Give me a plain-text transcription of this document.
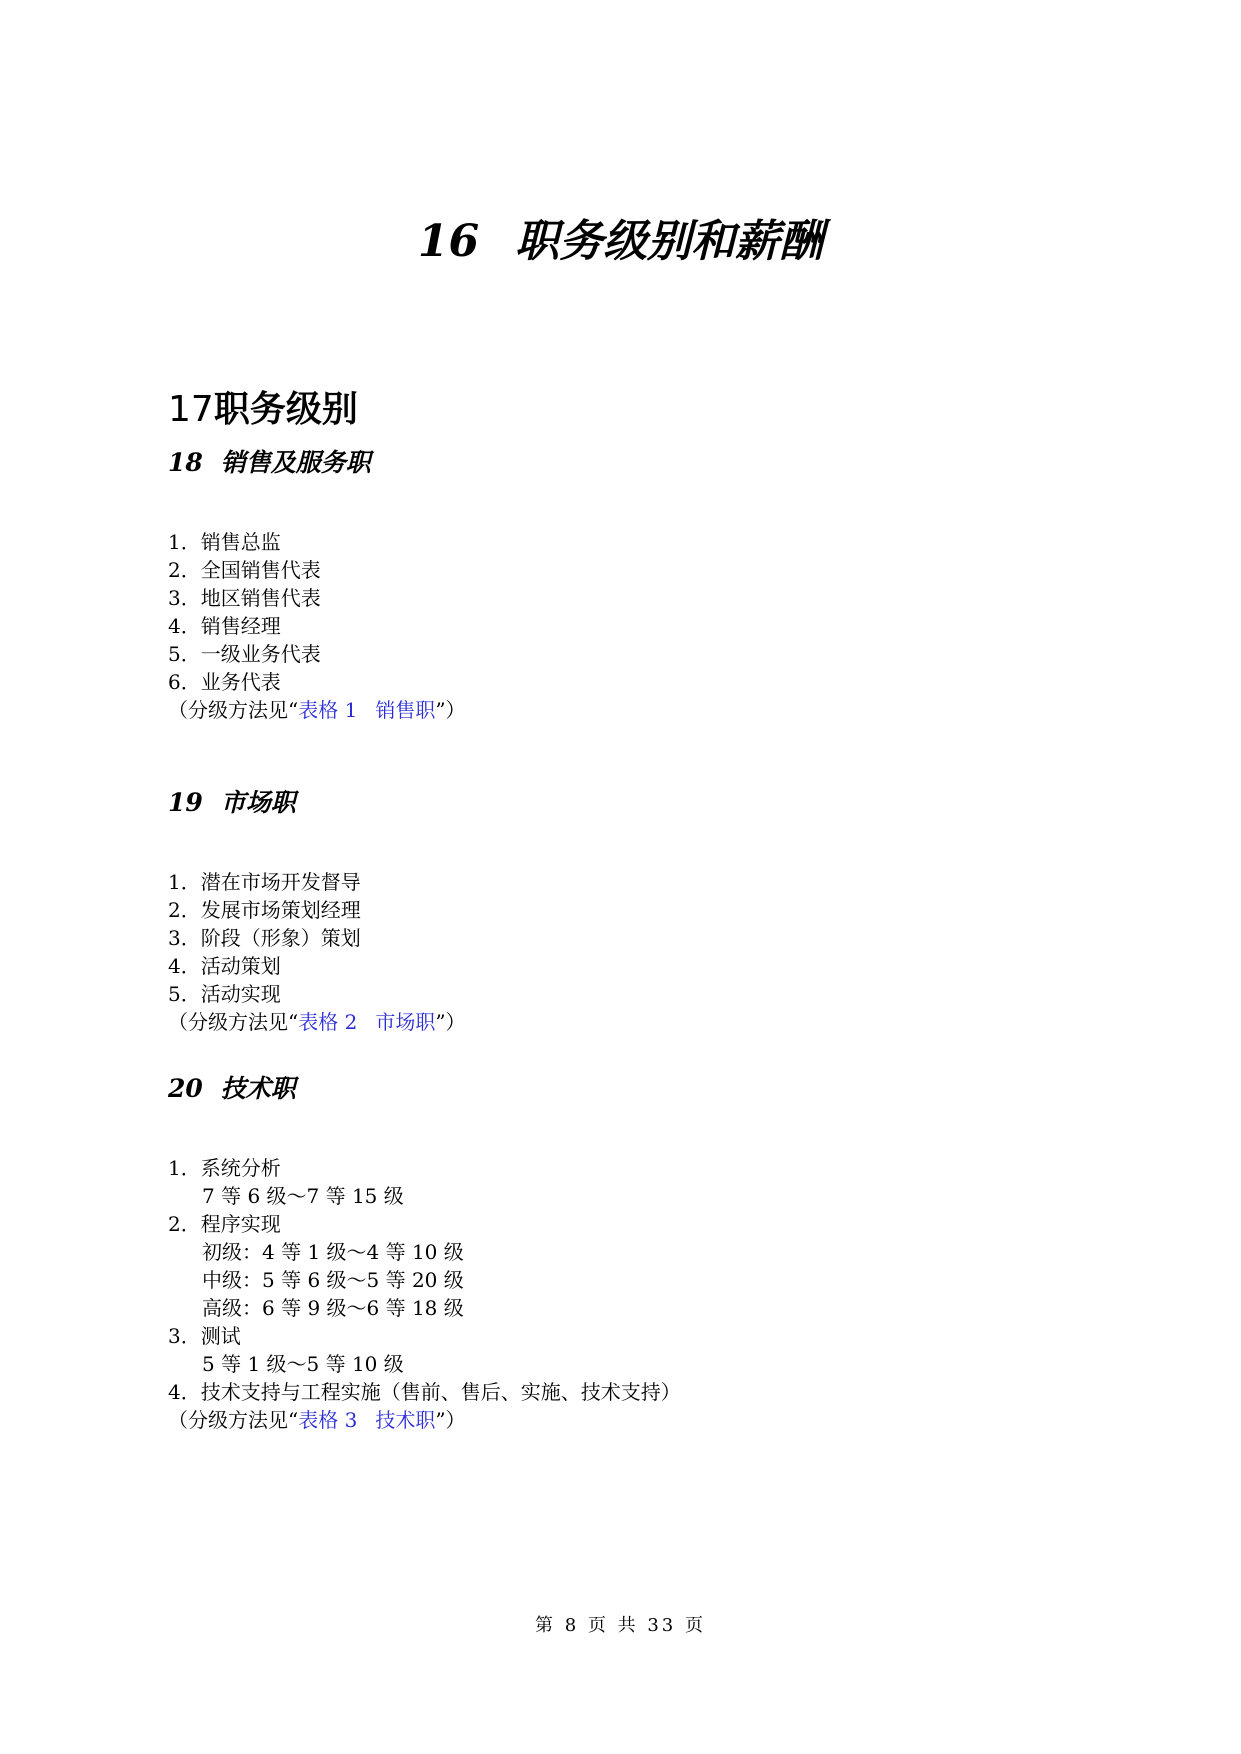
16 职务级别和薪酬
17职务级别
18 销售及服务职
1．销售总监
2．全国销售代表
3．地区销售代表
4．销售经理
5．一级业务代表
6．业务代表
（分级方法见“表格 1 销售职”）
19 市场职
1．潜在市场开发督导
2．发展市场策划经理
3．阶段（形象）策划
4．活动策划
5．活动实现
（分级方法见“表格 2 市场职”）
20 技术职
1．系统分析
7 等 6 级～7 等 15 级
2．程序实现
初级：4 等 1 级～4 等 10 级
中级：5 等 6 级～5 等 20 级
高级：6 等 9 级～6 等 18 级
3．测试
5 等 1 级～5 等 10 级
4．技术支持与工程实施（售前、售后、实施、技术支持）
（分级方法见“表格 3 技术职”）
第 8 页 共 33 页
